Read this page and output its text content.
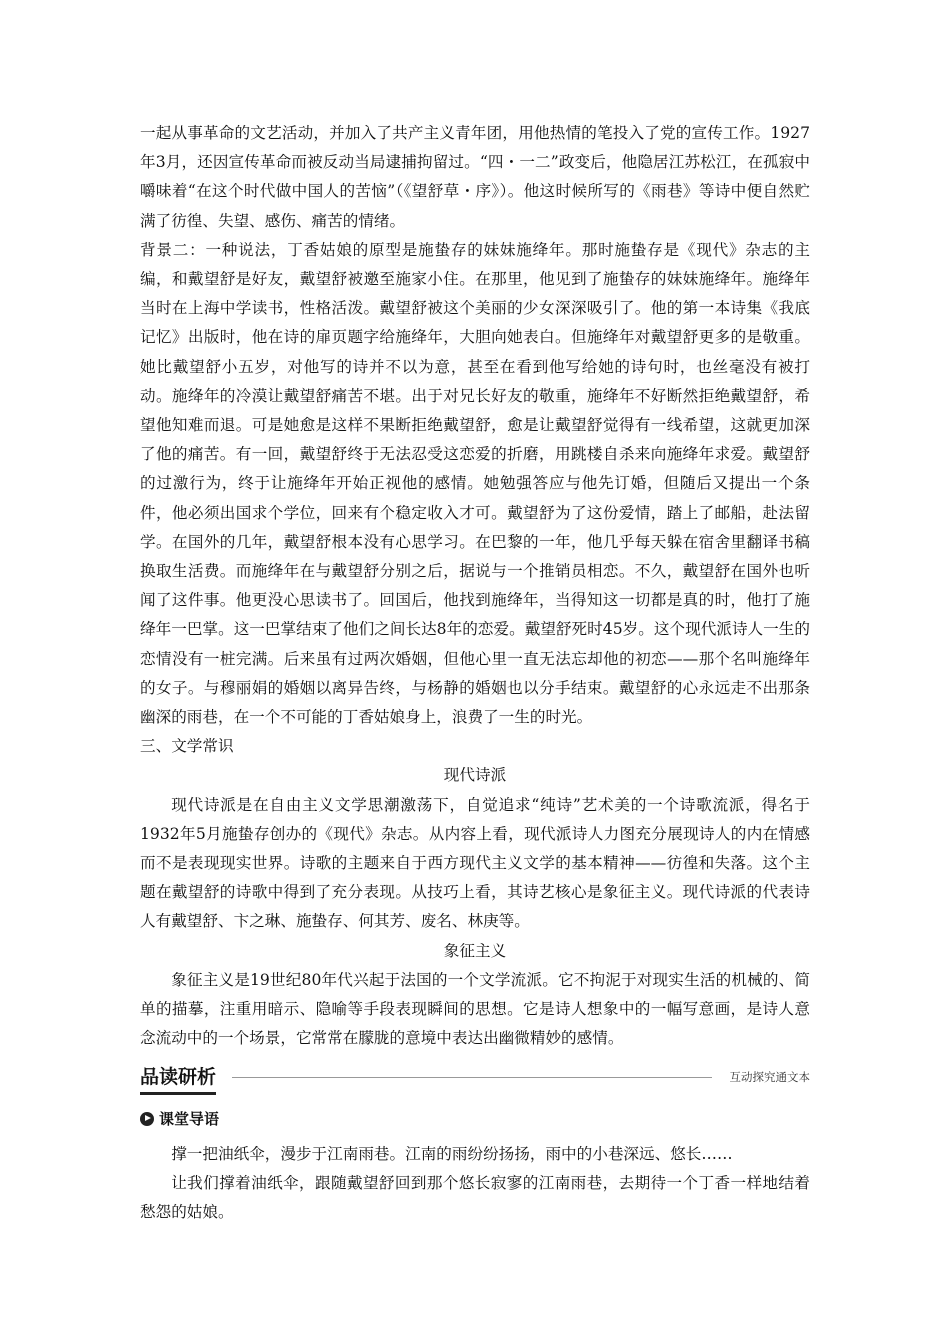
一起从事革命的文艺活动，并加入了共产主义青年团，用他热情的笔投入了党的宣传工作。1927年3月，还因宣传革命而被反动当局逮捕拘留过。“四・一二”政变后，他隐居江苏松江，在孤寂中嚼味着“在这个时代做中国人的苦恼”（《望舒草・序》）。他这时候所写的《雨巷》等诗中便自然贮满了彷徨、失望、感伤、痛苦的情绪。

背景二：一种说法，丁香姑娘的原型是施蛰存的妹妹施绛年。那时施蛰存是《现代》杂志的主编，和戴望舒是好友，戴望舒被邀至施家小住。在那里，他见到了施蛰存的妹妹施绛年。施绛年当时在上海中学读书，性格活泼。戴望舒被这个美丽的少女深深吸引了。他的第一本诗集《我底记忆》出版时，他在诗的扉页题字给施绛年，大胆向她表白。但施绛年对戴望舒更多的是敬重。她比戴望舒小五岁，对他写的诗并不以为意，甚至在看到他写给她的诗句时，也丝毫没有被打动。施绛年的冷漠让戴望舒痛苦不堪。出于对兄长好友的敬重，施绛年不好断然拒绝戴望舒，希望他知难而退。可是她愈是这样不果断拒绝戴望舒，愈是让戴望舒觉得有一线希望，这就更加深了他的痛苦。有一回，戴望舒终于无法忍受这恋爱的折磨，用跳楼自杀来向施绛年求爱。戴望舒的过激行为，终于让施绛年开始正视他的感情。她勉强答应与他先订婚，但随后又提出一个条件，他必须出国求个学位，回来有个稳定收入才可。戴望舒为了这份爱情，踏上了邮船，赴法留学。在国外的几年，戴望舒根本没有心思学习。在巴黎的一年，他几乎每天躲在宿舍里翻译书稿换取生活费。而施绛年在与戴望舒分别之后，据说与一个推销员相恋。不久，戴望舒在国外也听闻了这件事。他更没心思读书了。回国后，他找到施绛年，当得知这一切都是真的时，他打了施绛年一巴掌。这一巴掌结束了他们之间长达8年的恋爱。戴望舒死时45岁。这个现代派诗人一生的恋情没有一桩完满。后来虽有过两次婚姻，但他心里一直无法忘却他的初恋——那个名叫施绛年的女子。与穆丽娟的婚姻以离异告终，与杨静的婚姻也以分手结束。戴望舒的心永远走不出那条幽深的雨巷，在一个不可能的丁香姑娘身上，浪费了一生的时光。

三、文学常识

现代诗派

现代诗派是在自由主义文学思潮激荡下，自觉追求“纯诗”艺术美的一个诗歌流派，得名于1932年5月施蛰存创办的《现代》杂志。从内容上看，现代派诗人力图充分展现诗人的内在情感而不是表现现实世界。诗歌的主题来自于西方现代主义文学的基本精神——彷徨和失落。这个主题在戴望舒的诗歌中得到了充分表现。从技巧上看，其诗艺核心是象征主义。现代诗派的代表诗人有戴望舒、卞之琳、施蛰存、何其芳、废名、林庚等。

象征主义

象征主义是19世纪80年代兴起于法国的一个文学流派。它不拘泥于对现实生活的机械的、简单的描摹，注重用暗示、隐喻等手段表现瞬间的思想。它是诗人想象中的一幅写意画，是诗人意念流动中的一个场景，它常常在朦胧的意境中表达出幽微精妙的感情。

品读研析	互动探究通文本
课堂导语

撑一把油纸伞，漫步于江南雨巷。江南的雨纷纷扬扬，雨中的小巷深远、悠长……

让我们撑着油纸伞，跟随戴望舒回到那个悠长寂寥的江南雨巷，去期待一个丁香一样地结着愁怨的姑娘。
